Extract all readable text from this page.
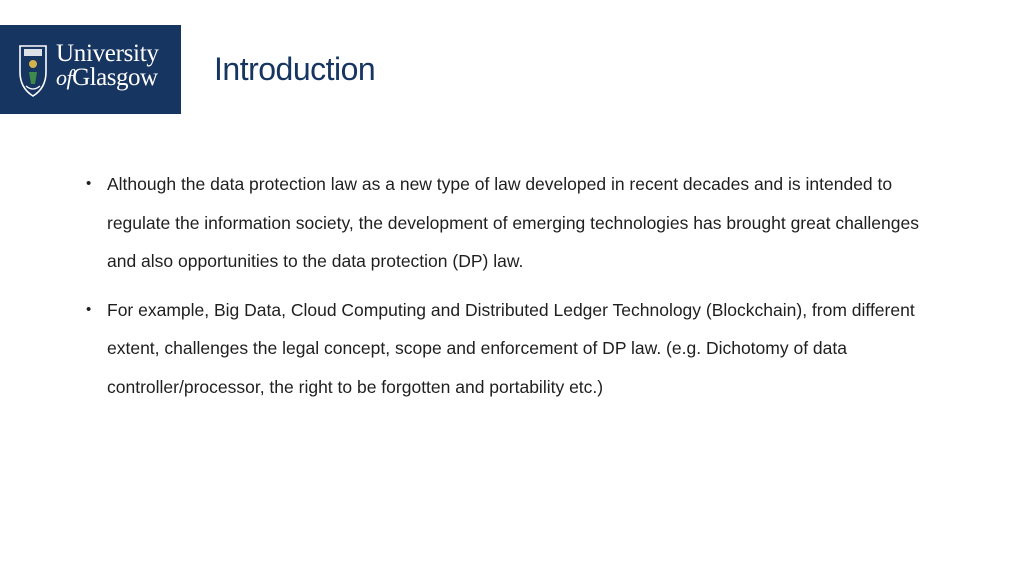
University
ofGlasgow Introduction
• Although the data protection law as a new type of law developed in recent decades and is intended to regulate the information society, the development of emerging technologies has brought great challenges and also opportunities to the data protection (DP) law.
• For example, Big Data, Cloud Computing and Distributed Ledger Technology (Blockchain), from different extent, challenges the legal concept, scope and enforcement of DP law. (e.g. Dichotomy of data controller/processor, the right to be forgotten and portability etc.)
